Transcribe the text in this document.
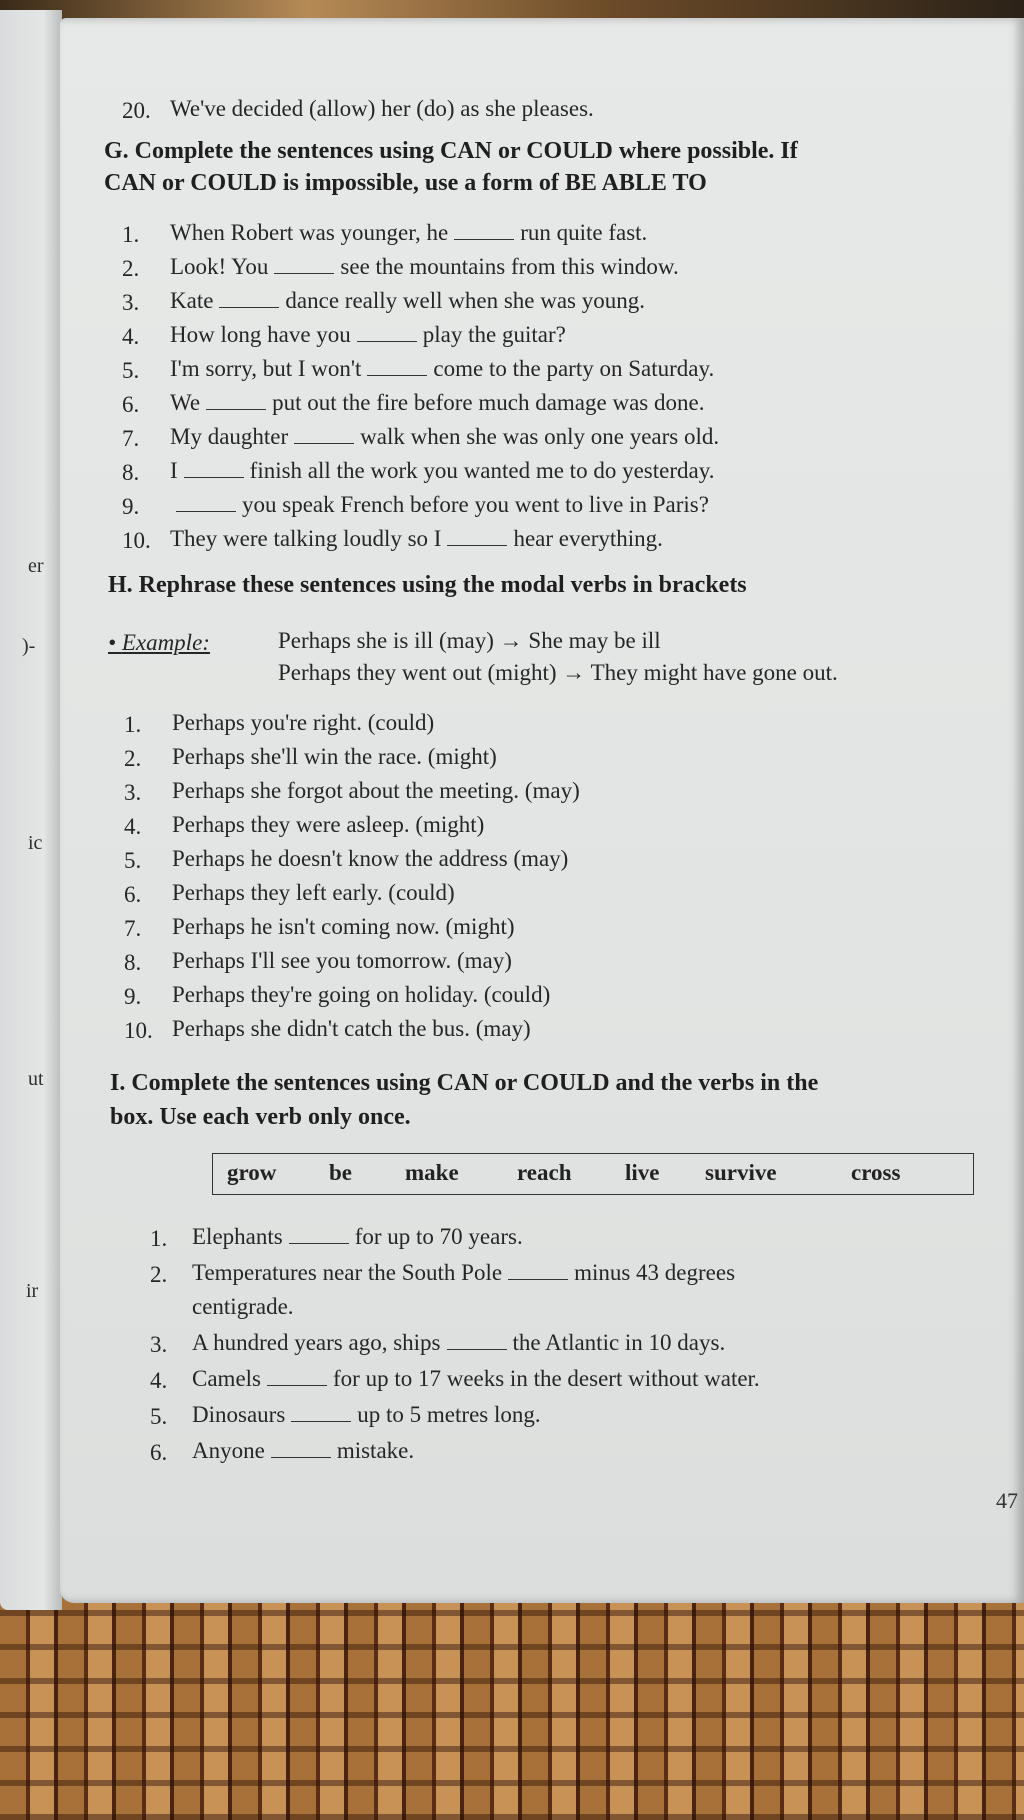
er
)-
ic
ut
ir
20. We've decided (allow) her (do) as she pleases.
G. Complete the sentences using CAN or COULD where possible. If
CAN or COULD is impossible, use a form of BE ABLE TO
1. When Robert was younger, he	run quite fast.
2. Look! You	see the mountains from this window.
3. Kate	dance really well when she was young.
4. How long have you	play the guitar?
5. I'm sorry, but I won't	come to the party on Saturday.
6. We	put out the fire before much damage was done.
7. My daughter	walk when she was only one years old.
8. I	finish all the work you wanted me to do yesterday.
9.	you speak French before you went to live in Paris?
10. They were talking loudly so I	hear everything.
H. Rephrase these sentences using the modal verbs in brackets
• Example:	Perhaps she is ill (may) → She may be ill
Perhaps they went out (might) → They might have gone out.
1. Perhaps you're right. (could)
2. Perhaps she'll win the race. (might)
3. Perhaps she forgot about the meeting. (may)
4. Perhaps they were asleep. (might)
5. Perhaps he doesn't know the address (may)
6. Perhaps they left early. (could)
7. Perhaps he isn't coming now. (might)
8. Perhaps I'll see you tomorrow. (may)
9. Perhaps they're going on holiday. (could)
10. Perhaps she didn't catch the bus. (may)
I. Complete the sentences using CAN or COULD and the verbs in the
box. Use each verb only once.
grow be make	reach live survive	cross
1. Elephants	for up to 70 years.
2. Temperatures near the South Pole	minus 43 degrees
centigrade.
3. A hundred years ago, ships	the Atlantic in 10 days.
4. Camels	for up to 17 weeks in the desert without water.
5. Dinosaurs	up to 5 metres long.
6. Anyone	mistake.
47
